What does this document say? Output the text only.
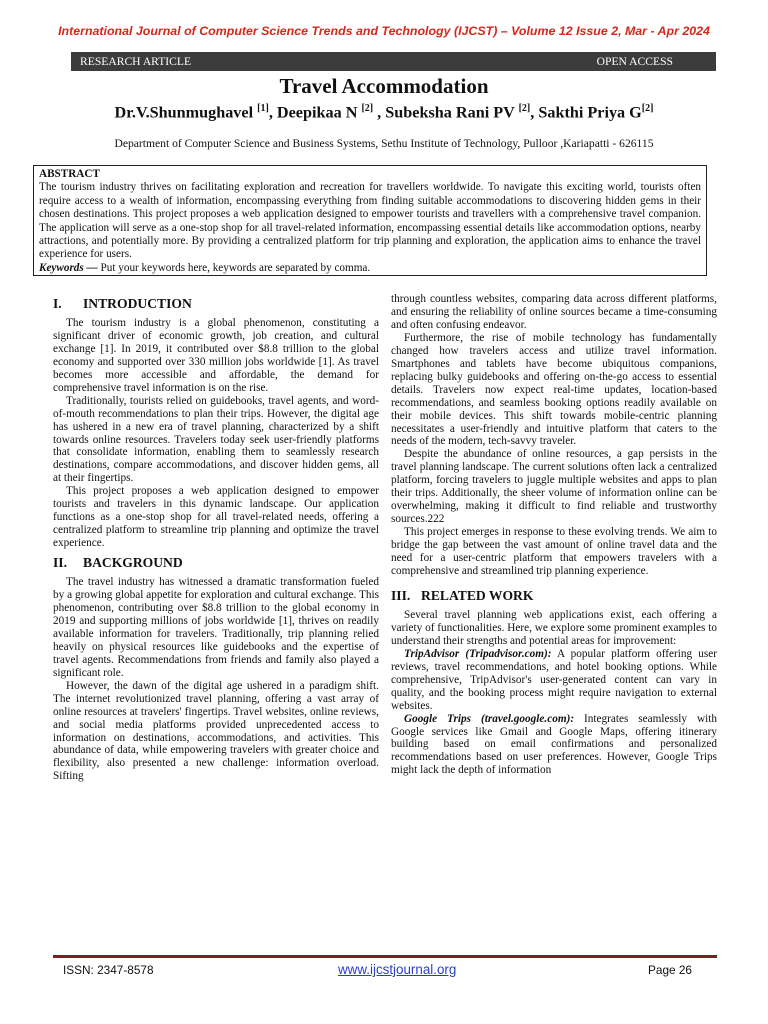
International Journal of Computer Science Trends and Technology (IJCST) – Volume 12 Issue 2, Mar - Apr 2024
RESEARCH ARTICLE	OPEN ACCESS
Travel Accommodation
Dr.V.Shunmughavel [1], Deepikaa N [2] , Subeksha Rani PV [2], Sakthi Priya G[2]
Department of Computer Science and Business Systems, Sethu Institute of Technology, Pulloor ,Kariapatti - 626115
ABSTRACT
The tourism industry thrives on facilitating exploration and recreation for travellers worldwide. To navigate this exciting world, tourists often require access to a wealth of information, encompassing everything from finding suitable accommodations to discovering hidden gems in their chosen destinations. This project proposes a web application designed to empower tourists and travellers with a comprehensive travel companion. The application will serve as a one-stop shop for all travel-related information, encompassing essential details like accommodation options, nearby attractions, and potentially more. By providing a centralized platform for trip planning and exploration, the application aims to enhance the travel experience for users.
Keywords — Put your keywords here, keywords are separated by comma.
I. INTRODUCTION

The tourism industry is a global phenomenon, constituting a significant driver of economic growth, job creation, and cultural exchange [1]. In 2019, it contributed over $8.8 trillion to the global economy and supported over 330 million jobs worldwide [1]. As travel becomes more accessible and affordable, the demand for comprehensive travel information is on the rise.

Traditionally, tourists relied on guidebooks, travel agents, and word-of-mouth recommendations to plan their trips. However, the digital age has ushered in a new era of travel planning, characterized by a shift towards online resources. Travelers today seek user-friendly platforms that consolidate information, enabling them to seamlessly research destinations, compare accommodations, and discover hidden gems, all at their fingertips.

This project proposes a web application designed to empower tourists and travelers in this dynamic landscape. Our application functions as a one-stop shop for all travel-related needs, offering a centralized platform to streamline trip planning and optimize the travel experience.

II. BACKGROUND

The travel industry has witnessed a dramatic transformation fueled by a growing global appetite for exploration and cultural exchange. This phenomenon, contributing over $8.8 trillion to the global economy in 2019 and supporting millions of jobs worldwide [1], thrives on readily available information for travelers. Traditionally, trip planning relied heavily on physical resources like guidebooks and the expertise of travel agents. Recommendations from friends and family also played a significant role.

However, the dawn of the digital age ushered in a paradigm shift. The internet revolutionized travel planning, offering a vast array of online resources at travelers' fingertips. Travel websites, online reviews, and social media platforms provided unprecedented access to information on destinations, accommodations, and activities. This abundance of data, while empowering travelers with greater choice and flexibility, also presented a new challenge: information overload. Sifting

through countless websites, comparing data across different platforms, and ensuring the reliability of online sources became a time-consuming and often confusing endeavor.

Furthermore, the rise of mobile technology has fundamentally changed how travelers access and utilize travel information. Smartphones and tablets have become ubiquitous companions, replacing bulky guidebooks and offering on-the-go access to essential details. Travelers now expect real-time updates, location-based recommendations, and seamless booking options readily available on their mobile devices. This shift towards mobile-centric planning necessitates a user-friendly and intuitive platform that caters to the needs of the modern, tech-savvy traveler.

Despite the abundance of online resources, a gap persists in the travel planning landscape. The current solutions often lack a centralized platform, forcing travelers to juggle multiple websites and apps to plan their trips. Additionally, the sheer volume of information online can be overwhelming, making it difficult to find reliable and trustworthy sources.222

This project emerges in response to these evolving trends. We aim to bridge the gap between the vast amount of online travel data and the need for a user-centric platform that empowers travelers with a comprehensive and streamlined trip planning experience.

III. RELATED WORK

Several travel planning web applications exist, each offering a variety of functionalities. Here, we explore some prominent examples to understand their strengths and potential areas for improvement:

TripAdvisor (Tripadvisor.com): A popular platform offering user reviews, travel recommendations, and hotel booking options. While comprehensive, TripAdvisor's user-generated content can vary in quality, and the booking process might require navigation to external websites.

Google Trips (travel.google.com): Integrates seamlessly with Google services like Gmail and Google Maps, offering itinerary building based on email confirmations and personalized recommendations based on user preferences. However, Google Trips might lack the depth of information

ISSN: 2347-8578	www.ijcstjournal.org	Page 26
